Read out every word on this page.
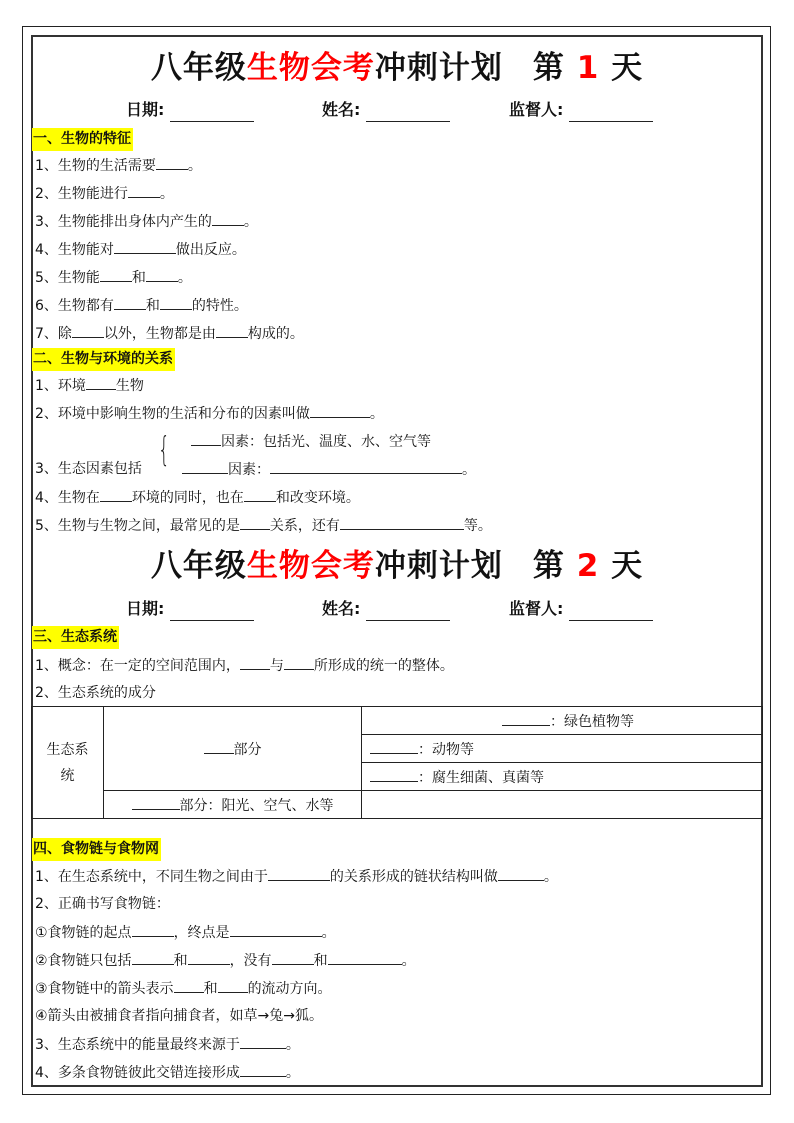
八年级生物会考冲刺计划 第 1 天
日期:	姓名:	监督人:
一、生物的特征
1、生物的生活需要 。
2、生物能进行 。
3、生物能排出身体内产生的 。
4、生物能对	做出反应。
5、生物能 和 。
6、生物都有 和 的特性。
7、除 以外，生物都是由 构成的。
二、生物与环境的关系
1、环境 生物
2、环境中影响生物的生活和分布的因素叫做	。
因素：包括光、温度、水、空气等
{
3、生态因素包括	因素：	。
4、生物在 环境的同时，也在 和改变环境。
5、生物与生物之间，最常见的是 关系，还有	等。
八年级生物会考冲刺计划 第 2 天
日期:	姓名:	监督人:
三、生态系统
1、概念：在一定的空间范围内， 与 所形成的统一的整体。
2、生态系统的成分
生态系统	部分	：绿色植物等
		：动物等
		：腐生细菌、真菌等
	部分：阳光、空气、水等	
四、食物链与食物网
1、在生态系统中，不同生物之间由于	的关系形成的链状结构叫做	。
2、正确书写食物链：
①食物链的起点	，终点是	。
②食物链只包括	和	，没有	和	。
③食物链中的箭头表示 和 的流动方向。
④箭头由被捕食者指向捕食者，如草→兔→狐。
3、生态系统中的能量最终来源于	。
4、多条食物链彼此交错连接形成	。
